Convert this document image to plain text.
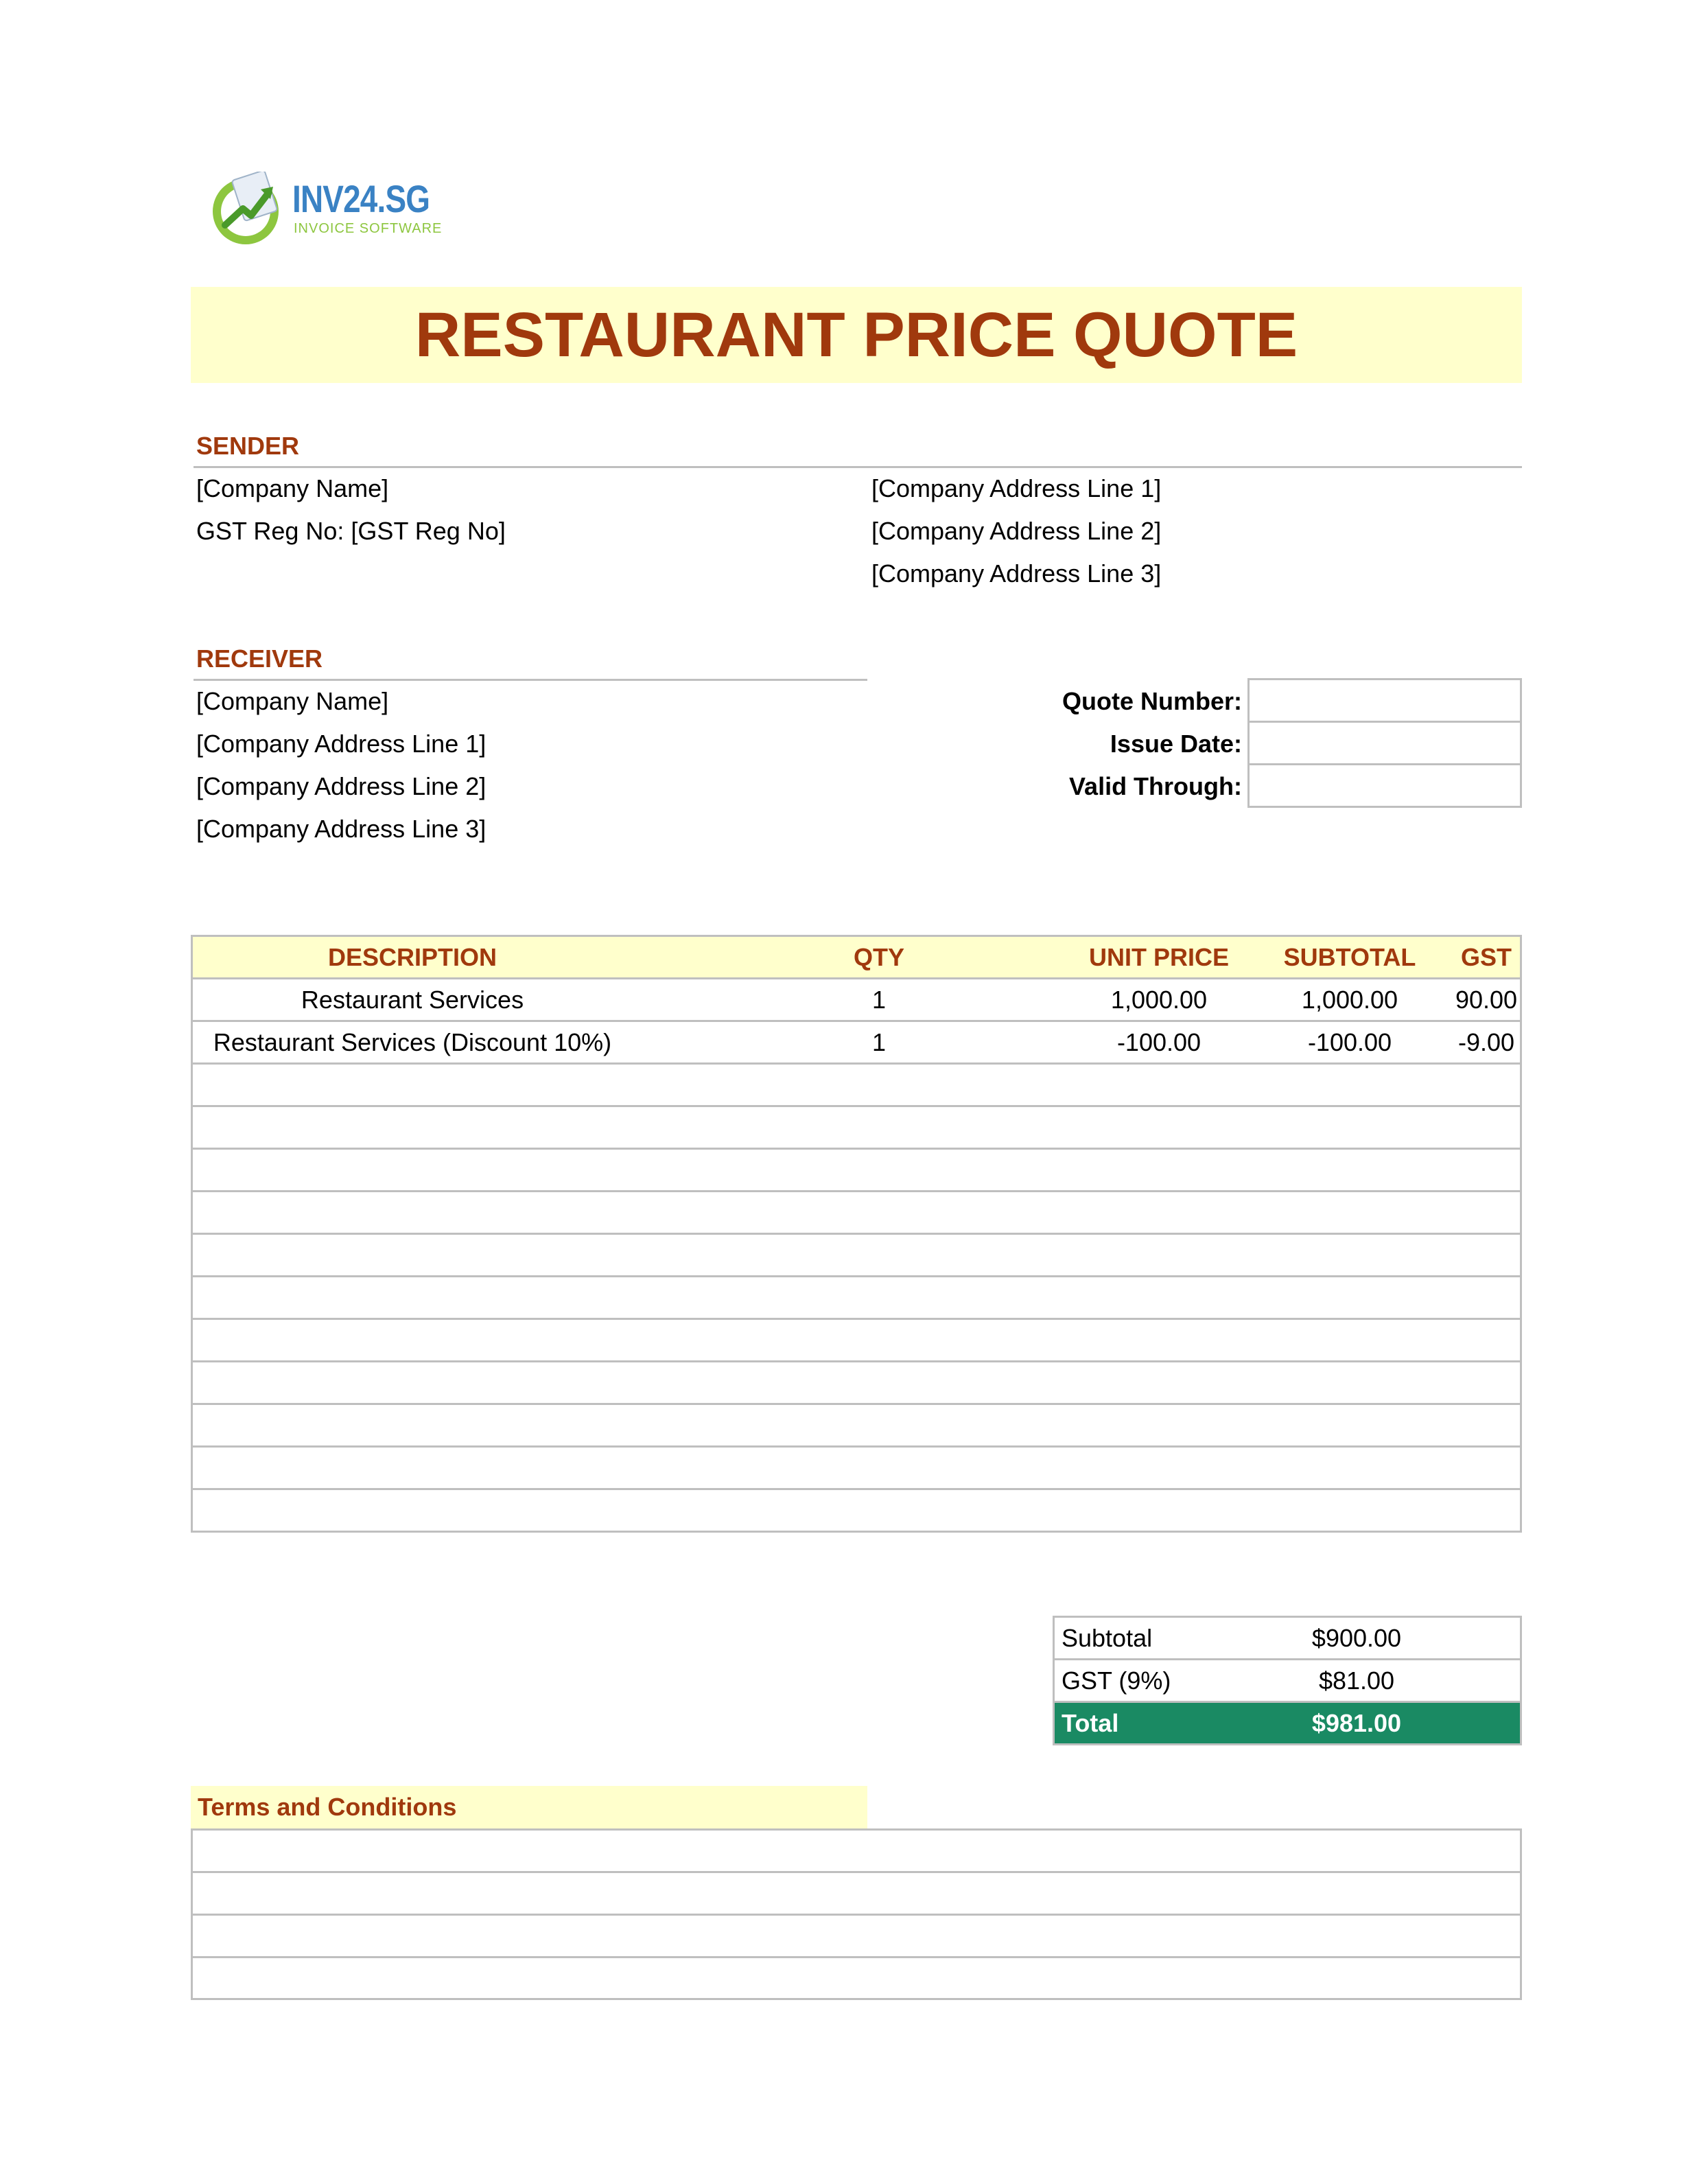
INV24.SG
INVOICE SOFTWARE
RESTAURANT PRICE QUOTE
SENDER
[Company Name]
GST Reg No: [GST Reg No]
[Company Address Line 1]
[Company Address Line 2]
[Company Address Line 3]
RECEIVER
[Company Name]
[Company Address Line 1]
[Company Address Line 2]
[Company Address Line 3]
Quote Number:
Issue Date:
Valid Through:
DESCRIPTION	QTY	UNIT PRICE	SUBTOTAL	GST
Restaurant Services	1	1,000.00	1,000.00	90.00
Restaurant Services (Discount 10%)	1	-100.00	-100.00	-9.00
Subtotal	$900.00
GST (9%)	$81.00
Total	$981.00
Terms and Conditions
